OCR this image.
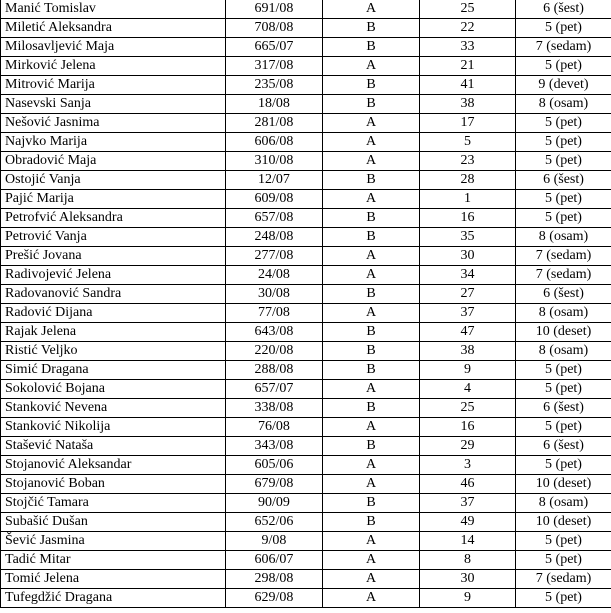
Manić Tomislav	691/08	A	25	6 (šest)
Miletić Aleksandra	708/08	B	22	5 (pet)
Milosavljević Maja	665/07	B	33	7 (sedam)
Mirković Jelena	317/08	A	21	5 (pet)
Mitrović Marija	235/08	B	41	9 (devet)
Nasevski Sanja	18/08	B	38	8 (osam)
Nešović Jasnima	281/08	A	17	5 (pet)
Najvko Marija	606/08	A	5	5 (pet)
Obradović Maja	310/08	A	23	5 (pet)
Ostojić Vanja	12/07	B	28	6 (šest)
Pajić Marija	609/08	A	1	5 (pet)
Petrofvić Aleksandra	657/08	B	16	5 (pet)
Petrović Vanja	248/08	B	35	8 (osam)
Prešić Jovana	277/08	A	30	7 (sedam)
Radivojević Jelena	24/08	A	34	7 (sedam)
Radovanović Sandra	30/08	B	27	6 (šest)
Radović Dijana	77/08	A	37	8 (osam)
Rajak Jelena	643/08	B	47	10 (deset)
Ristić Veljko	220/08	B	38	8 (osam)
Simić Dragana	288/08	B	9	5 (pet)
Sokolović Bojana	657/07	A	4	5 (pet)
Stanković Nevena	338/08	B	25	6 (šest)
Stanković Nikolija	76/08	A	16	5 (pet)
Stašević Nataša	343/08	B	29	6 (šest)
Stojanović Aleksandar	605/06	A	3	5 (pet)
Stojanović Boban	679/08	A	46	10 (deset)
Stojčić Tamara	90/09	B	37	8 (osam)
Subašić Dušan	652/06	B	49	10 (deset)
Šević Jasmina	9/08	A	14	5 (pet)
Tadić Mitar	606/07	A	8	5 (pet)
Tomić Jelena	298/08	A	30	7 (sedam)
Tufegdžić Dragana	629/08	A	9	5 (pet)
